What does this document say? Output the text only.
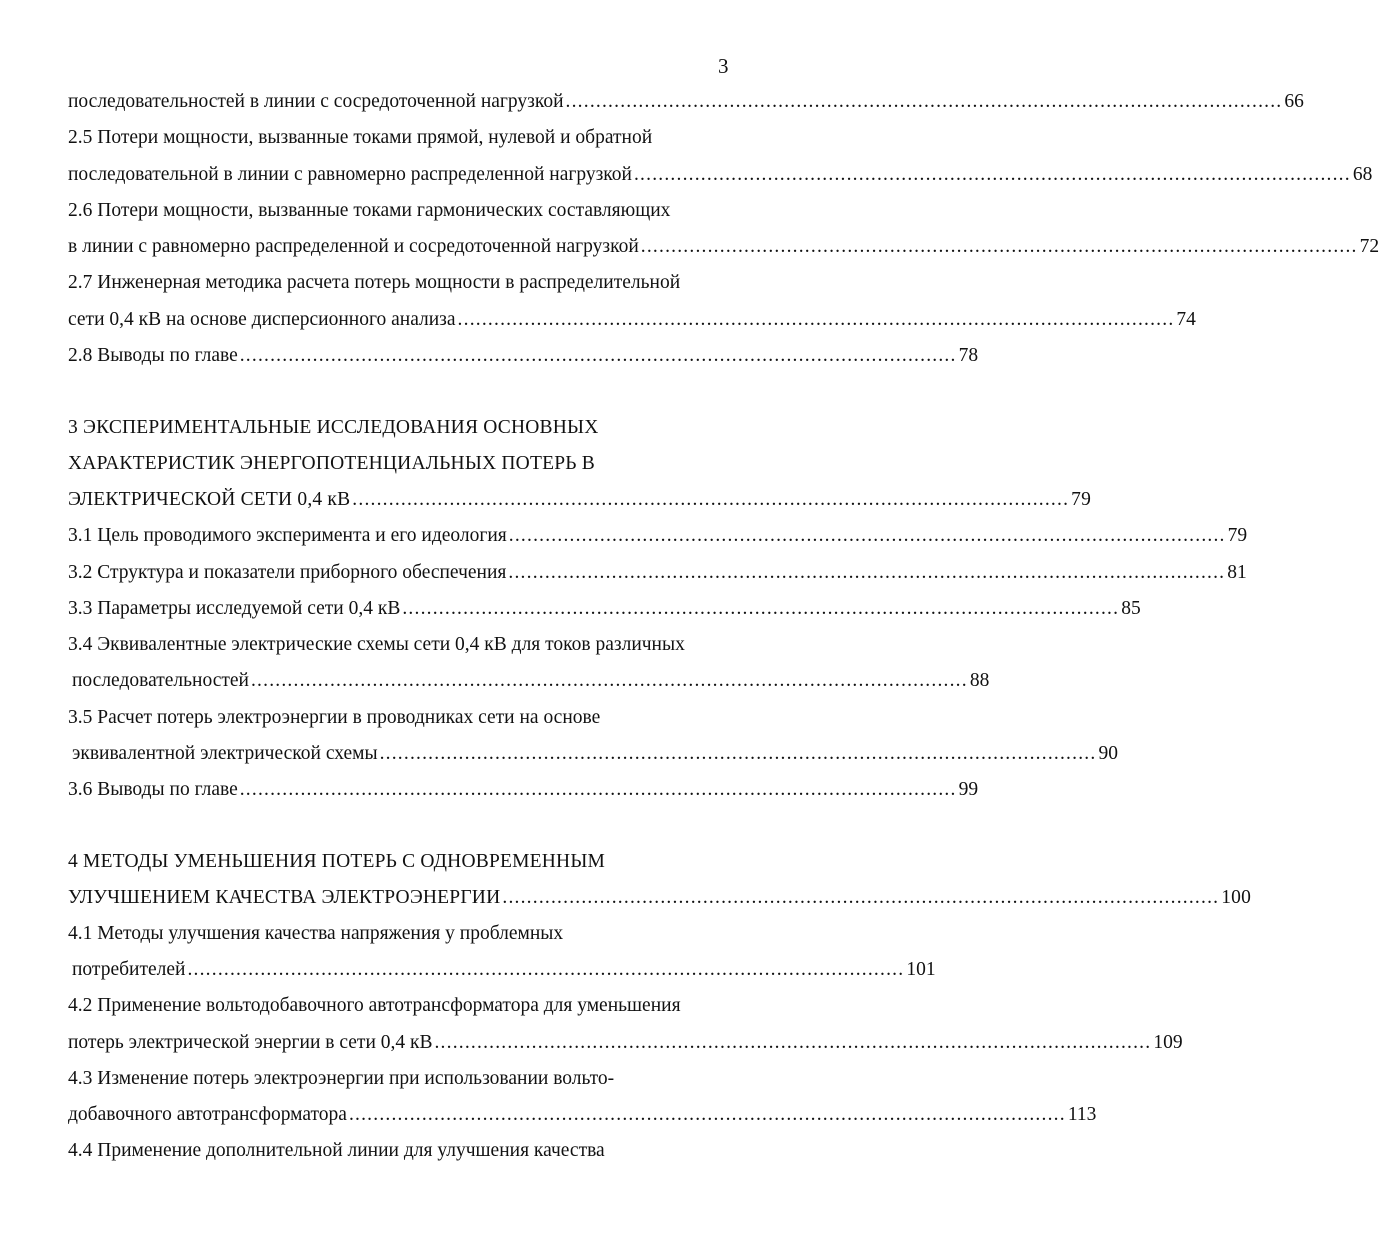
3
последовательностей в линии с сосредоточенной нагрузкой ...................................................................................................................... 66
2.5 Потери мощности, вызванные токами прямой, нулевой и обратной
последовательной в линии с равномерно распределенной нагрузкой ...................................................................................................................... 68
2.6 Потери мощности, вызванные токами гармонических составляющих
в линии с равномерно распределенной и сосредоточенной нагрузкой ...................................................................................................................... 72
2.7 Инженерная методика расчета потерь мощности в распределительной
сети 0,4 кВ на основе дисперсионного анализа ...................................................................................................................... 74
2.8 Выводы по главе ...................................................................................................................... 78
3 ЭКСПЕРИМЕНТАЛЬНЫЕ ИССЛЕДОВАНИЯ ОСНОВНЫХ
ХАРАКТЕРИСТИК ЭНЕРГОПОТЕНЦИАЛЬНЫХ ПОТЕРЬ В
ЭЛЕКТРИЧЕСКОЙ СЕТИ 0,4 кВ ...................................................................................................................... 79
3.1 Цель проводимого эксперимента и его идеология ...................................................................................................................... 79
3.2 Структура и показатели приборного обеспечения ...................................................................................................................... 81
3.3 Параметры исследуемой сети 0,4 кВ ...................................................................................................................... 85
3.4 Эквивалентные электрические схемы сети 0,4 кВ для токов различных
последовательностей ...................................................................................................................... 88
3.5 Расчет потерь электроэнергии в проводниках сети на основе
эквивалентной электрической схемы ...................................................................................................................... 90
3.6 Выводы по главе ...................................................................................................................... 99
4 МЕТОДЫ УМЕНЬШЕНИЯ ПОТЕРЬ С ОДНОВРЕМЕННЫМ
УЛУЧШЕНИЕМ КАЧЕСТВА ЭЛЕКТРОЭНЕРГИИ ...................................................................................................................... 100
4.1 Методы улучшения качества напряжения у проблемных
потребителей ...................................................................................................................... 101
4.2 Применение вольтодобавочного автотрансформатора для уменьшения
потерь электрической энергии в сети 0,4 кВ ...................................................................................................................... 109
4.3 Изменение потерь электроэнергии при использовании вольто-
добавочного автотрансформатора ...................................................................................................................... 113
4.4 Применение дополнительной линии для улучшения качества
